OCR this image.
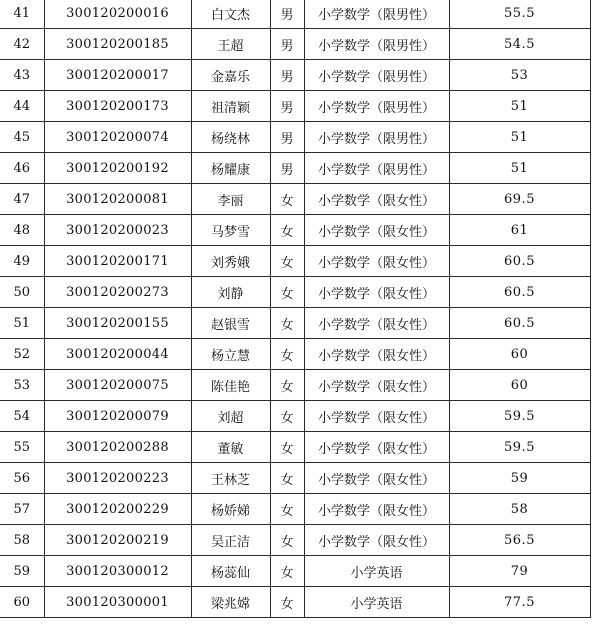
41	300120200016	白文杰	男	小学数学（限男性）	55.5
42	300120200185	王超	男	小学数学（限男性）	54.5
43	300120200017	金嘉乐	男	小学数学（限男性）	53
44	300120200173	祖清颖	男	小学数学（限男性）	51
45	300120200074	杨绕林	男	小学数学（限男性）	51
46	300120200192	杨耀康	男	小学数学（限男性）	51
47	300120200081	李丽	女	小学数学（限女性）	69.5
48	300120200023	马梦雪	女	小学数学（限女性）	61
49	300120200171	刘秀娥	女	小学数学（限女性）	60.5
50	300120200273	刘静	女	小学数学（限女性）	60.5
51	300120200155	赵银雪	女	小学数学（限女性）	60.5
52	300120200044	杨立慧	女	小学数学（限女性）	60
53	300120200075	陈佳艳	女	小学数学（限女性）	60
54	300120200079	刘超	女	小学数学（限女性）	59.5
55	300120200288	董敏	女	小学数学（限女性）	59.5
56	300120200223	王林芝	女	小学数学（限女性）	59
57	300120200229	杨娇娣	女	小学数学（限女性）	58
58	300120200219	吴正洁	女	小学数学（限女性）	56.5
59	300120300012	杨蕊仙	女	小学英语	79
60	300120300001	梁兆嫦	女	小学英语	77.5
